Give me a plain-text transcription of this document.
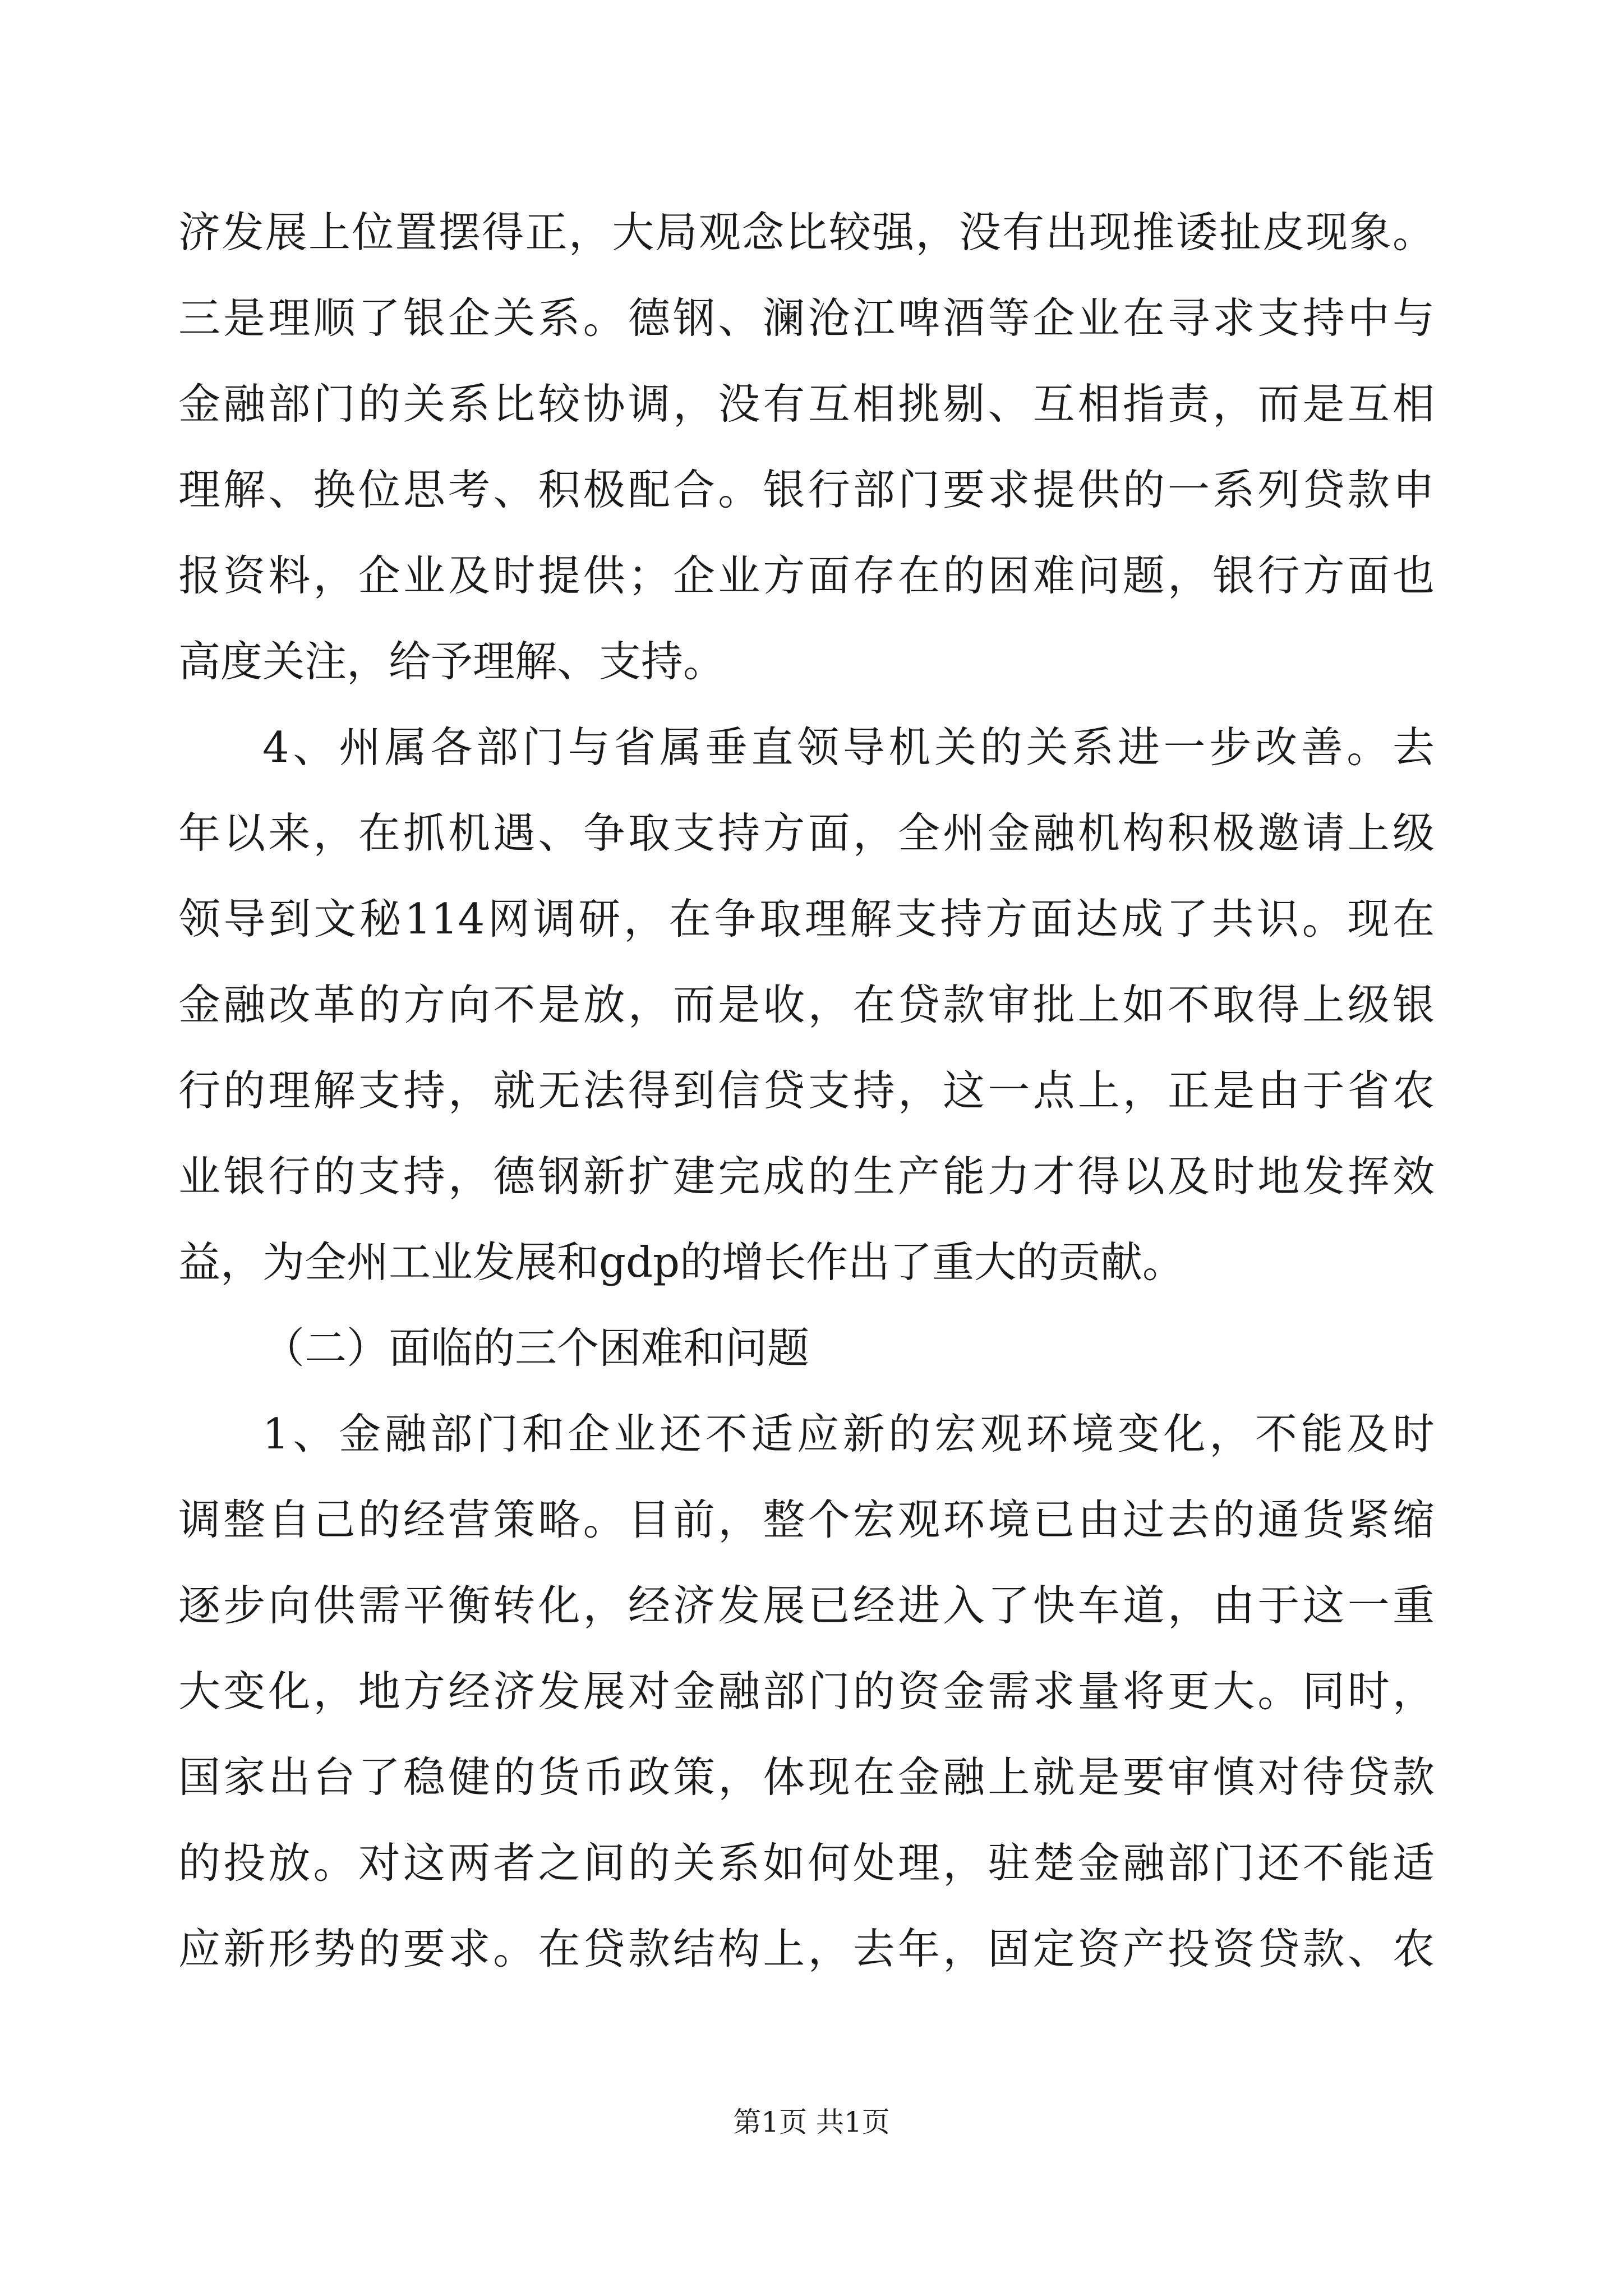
济发展上位置摆得正，大局观念比较强，没有出现推诿扯皮现象。
三是理顺了银企关系。德钢、澜沧江啤酒等企业在寻求支持中与
金融部门的关系比较协调，没有互相挑剔、互相指责，而是互相
理解、换位思考、积极配合。银行部门要求提供的一系列贷款申
报资料，企业及时提供；企业方面存在的困难问题，银行方面也
高度关注，给予理解、支持。
4、州属各部门与省属垂直领导机关的关系进一步改善。去
年以来，在抓机遇、争取支持方面，全州金融机构积极邀请上级
领导到文秘114网调研，在争取理解支持方面达成了共识。现在
金融改革的方向不是放，而是收，在贷款审批上如不取得上级银
行的理解支持，就无法得到信贷支持，这一点上，正是由于省农
业银行的支持，德钢新扩建完成的生产能力才得以及时地发挥效
益，为全州工业发展和gdp的增长作出了重大的贡献。
（二）面临的三个困难和问题
1、金融部门和企业还不适应新的宏观环境变化，不能及时
调整自己的经营策略。目前，整个宏观环境已由过去的通货紧缩
逐步向供需平衡转化，经济发展已经进入了快车道，由于这一重
大变化，地方经济发展对金融部门的资金需求量将更大。同时，
国家出台了稳健的货币政策，体现在金融上就是要审慎对待贷款
的投放。对这两者之间的关系如何处理，驻楚金融部门还不能适
应新形势的要求。在贷款结构上，去年，固定资产投资贷款、农
第1页 共1页
